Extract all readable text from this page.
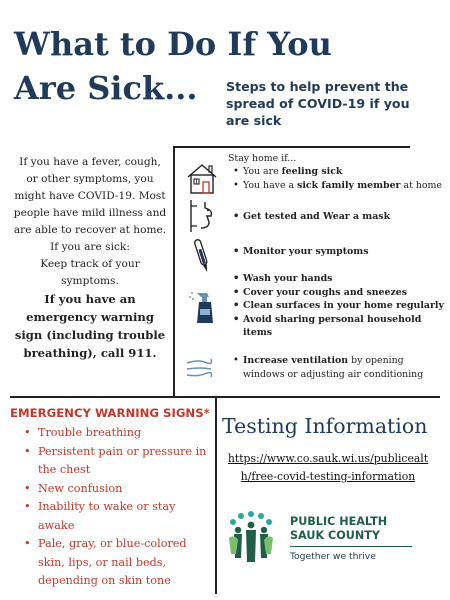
What to Do If You
Are Sick...	Steps to help prevent the spread of COVID-19 if you are sick

If you have a fever, cough, or other symptoms, you might have COVID-19. Most people have mild illness and are able to recover at home. If you are sick:

Keep track of your symptoms.

If you have an emergency warning sign (including trouble breathing), call 911.

Stay home if...
• You are feeling sick
• You have a sick family member at home
• Get tested and Wear a mask
• Monitor your symptoms
• Wash your hands
• Cover your coughs and sneezes
• Clean surfaces in your home regularly
• Avoid sharing personal household items
• Increase ventilation by opening windows or adjusting air conditioning
EMERGENCY WARNING SIGNS*
• Trouble breathing
• Persistent pain or pressure in the chest
• New confusion
• Inability to wake or stay awake
• Pale, gray, or blue-colored skin, lips, or nail beds, depending on skin tone
Testing Information
https://www.co.sauk.wi.us/publicealt
h/free-covid-testing-information
PUBLIC HEALTH
SAUK COUNTY
Together we thrive
